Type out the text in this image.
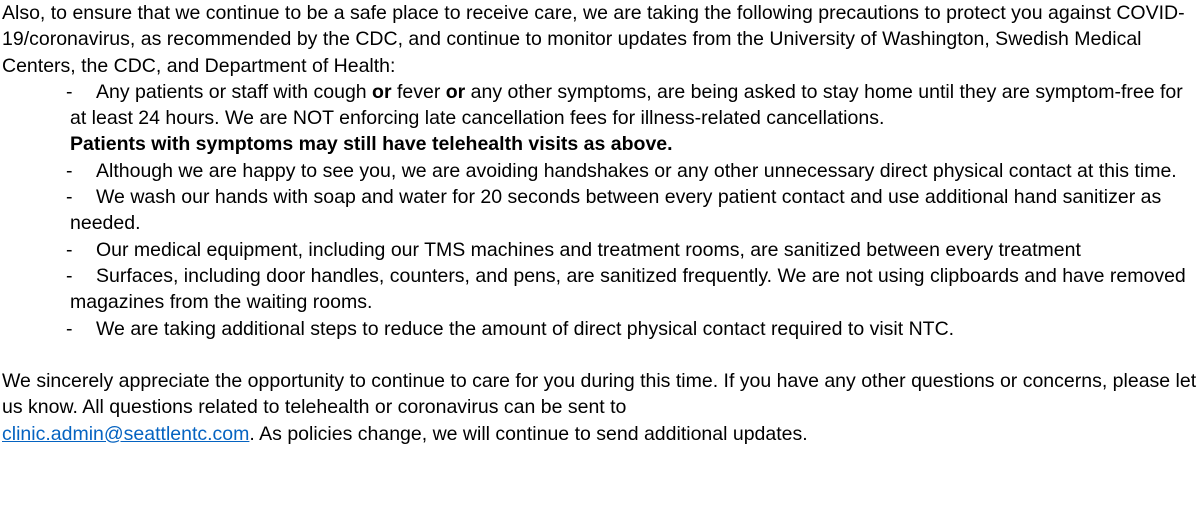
Also, to ensure that we continue to be a safe place to receive care, we are taking the following precautions to protect you against COVID-19/coronavirus, as recommended by the CDC, and continue to monitor updates from the University of Washington, Swedish Medical Centers, the CDC, and Department of Health:

- Any patients or staff with cough or fever or any other symptoms, are being asked to stay home until they are symptom-free for at least 24 hours. We are NOT enforcing late cancellation fees for illness-related cancellations.
Patients with symptoms may still have telehealth visits as above.
- Although we are happy to see you, we are avoiding handshakes or any other unnecessary direct physical contact at this time.
- We wash our hands with soap and water for 20 seconds between every patient contact and use additional hand sanitizer as needed.
- Our medical equipment, including our TMS machines and treatment rooms, are sanitized between every treatment
- Surfaces, including door handles, counters, and pens, are sanitized frequently. We are not using clipboards and have removed magazines from the waiting rooms.
- We are taking additional steps to reduce the amount of direct physical contact required to visit NTC.

We sincerely appreciate the opportunity to continue to care for you during this time. If you have any other questions or concerns, please let us know. All questions related to telehealth or coronavirus can be sent to
clinic.admin@seattlentc.com. As policies change, we will continue to send additional updates.
